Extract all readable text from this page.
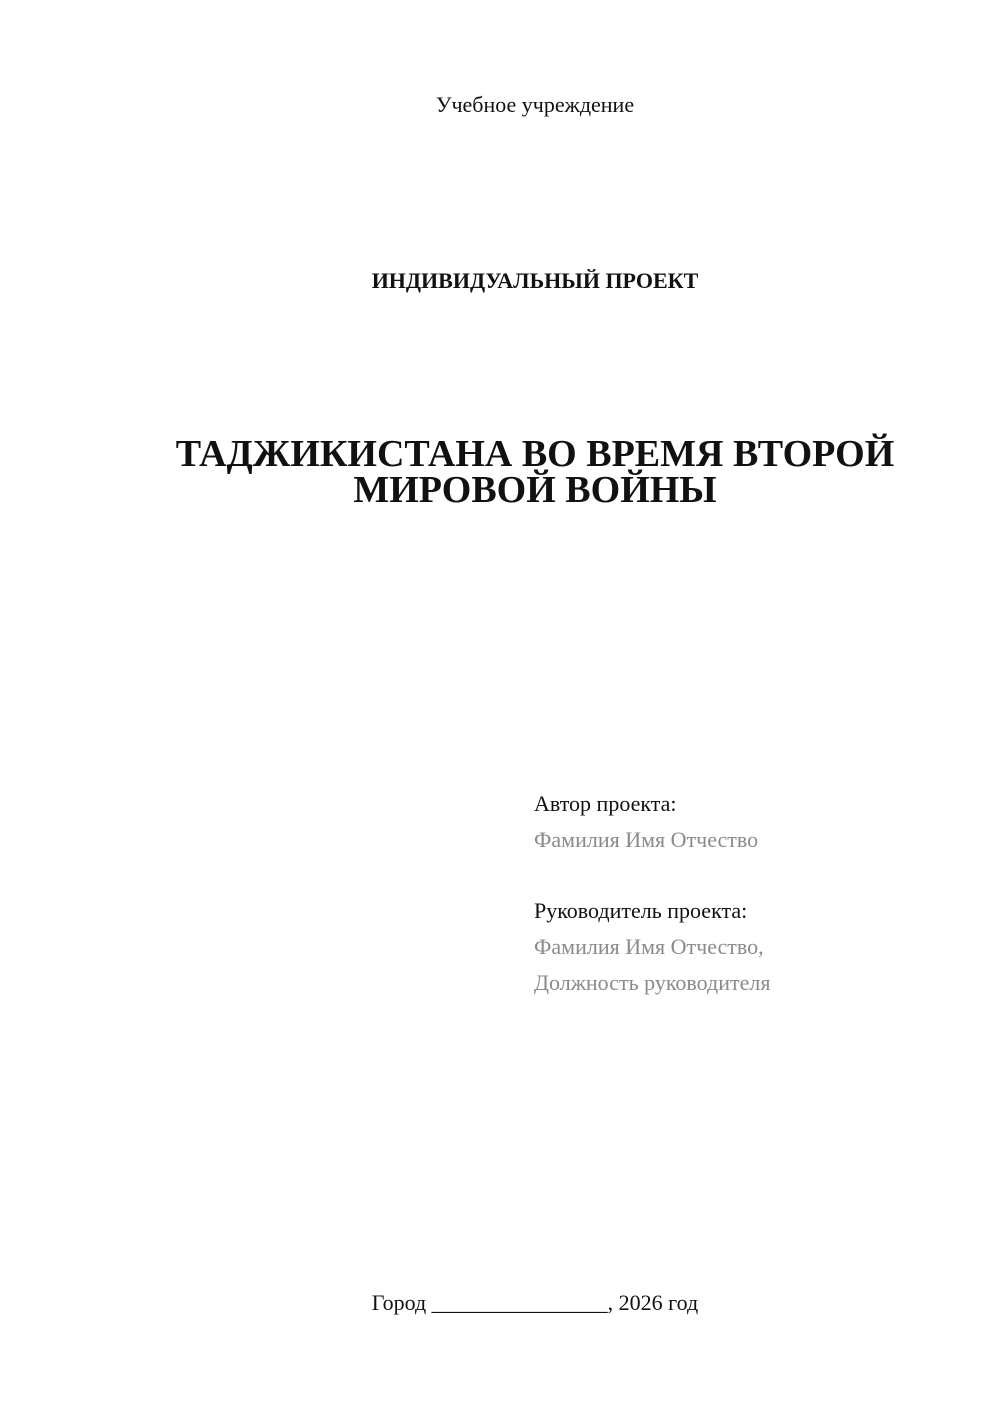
Учебное учреждение
ИНДИВИДУАЛЬНЫЙ ПРОЕКТ
ТАДЖИКИСТАНА ВО ВРЕМЯ ВТОРОЙ
МИРОВОЙ ВОЙНЫ
Автор проекта:
Фамилия Имя Отчество
Руководитель проекта:
Фамилия Имя Отчество,
Должность руководителя
Город ________________, 2026 год
